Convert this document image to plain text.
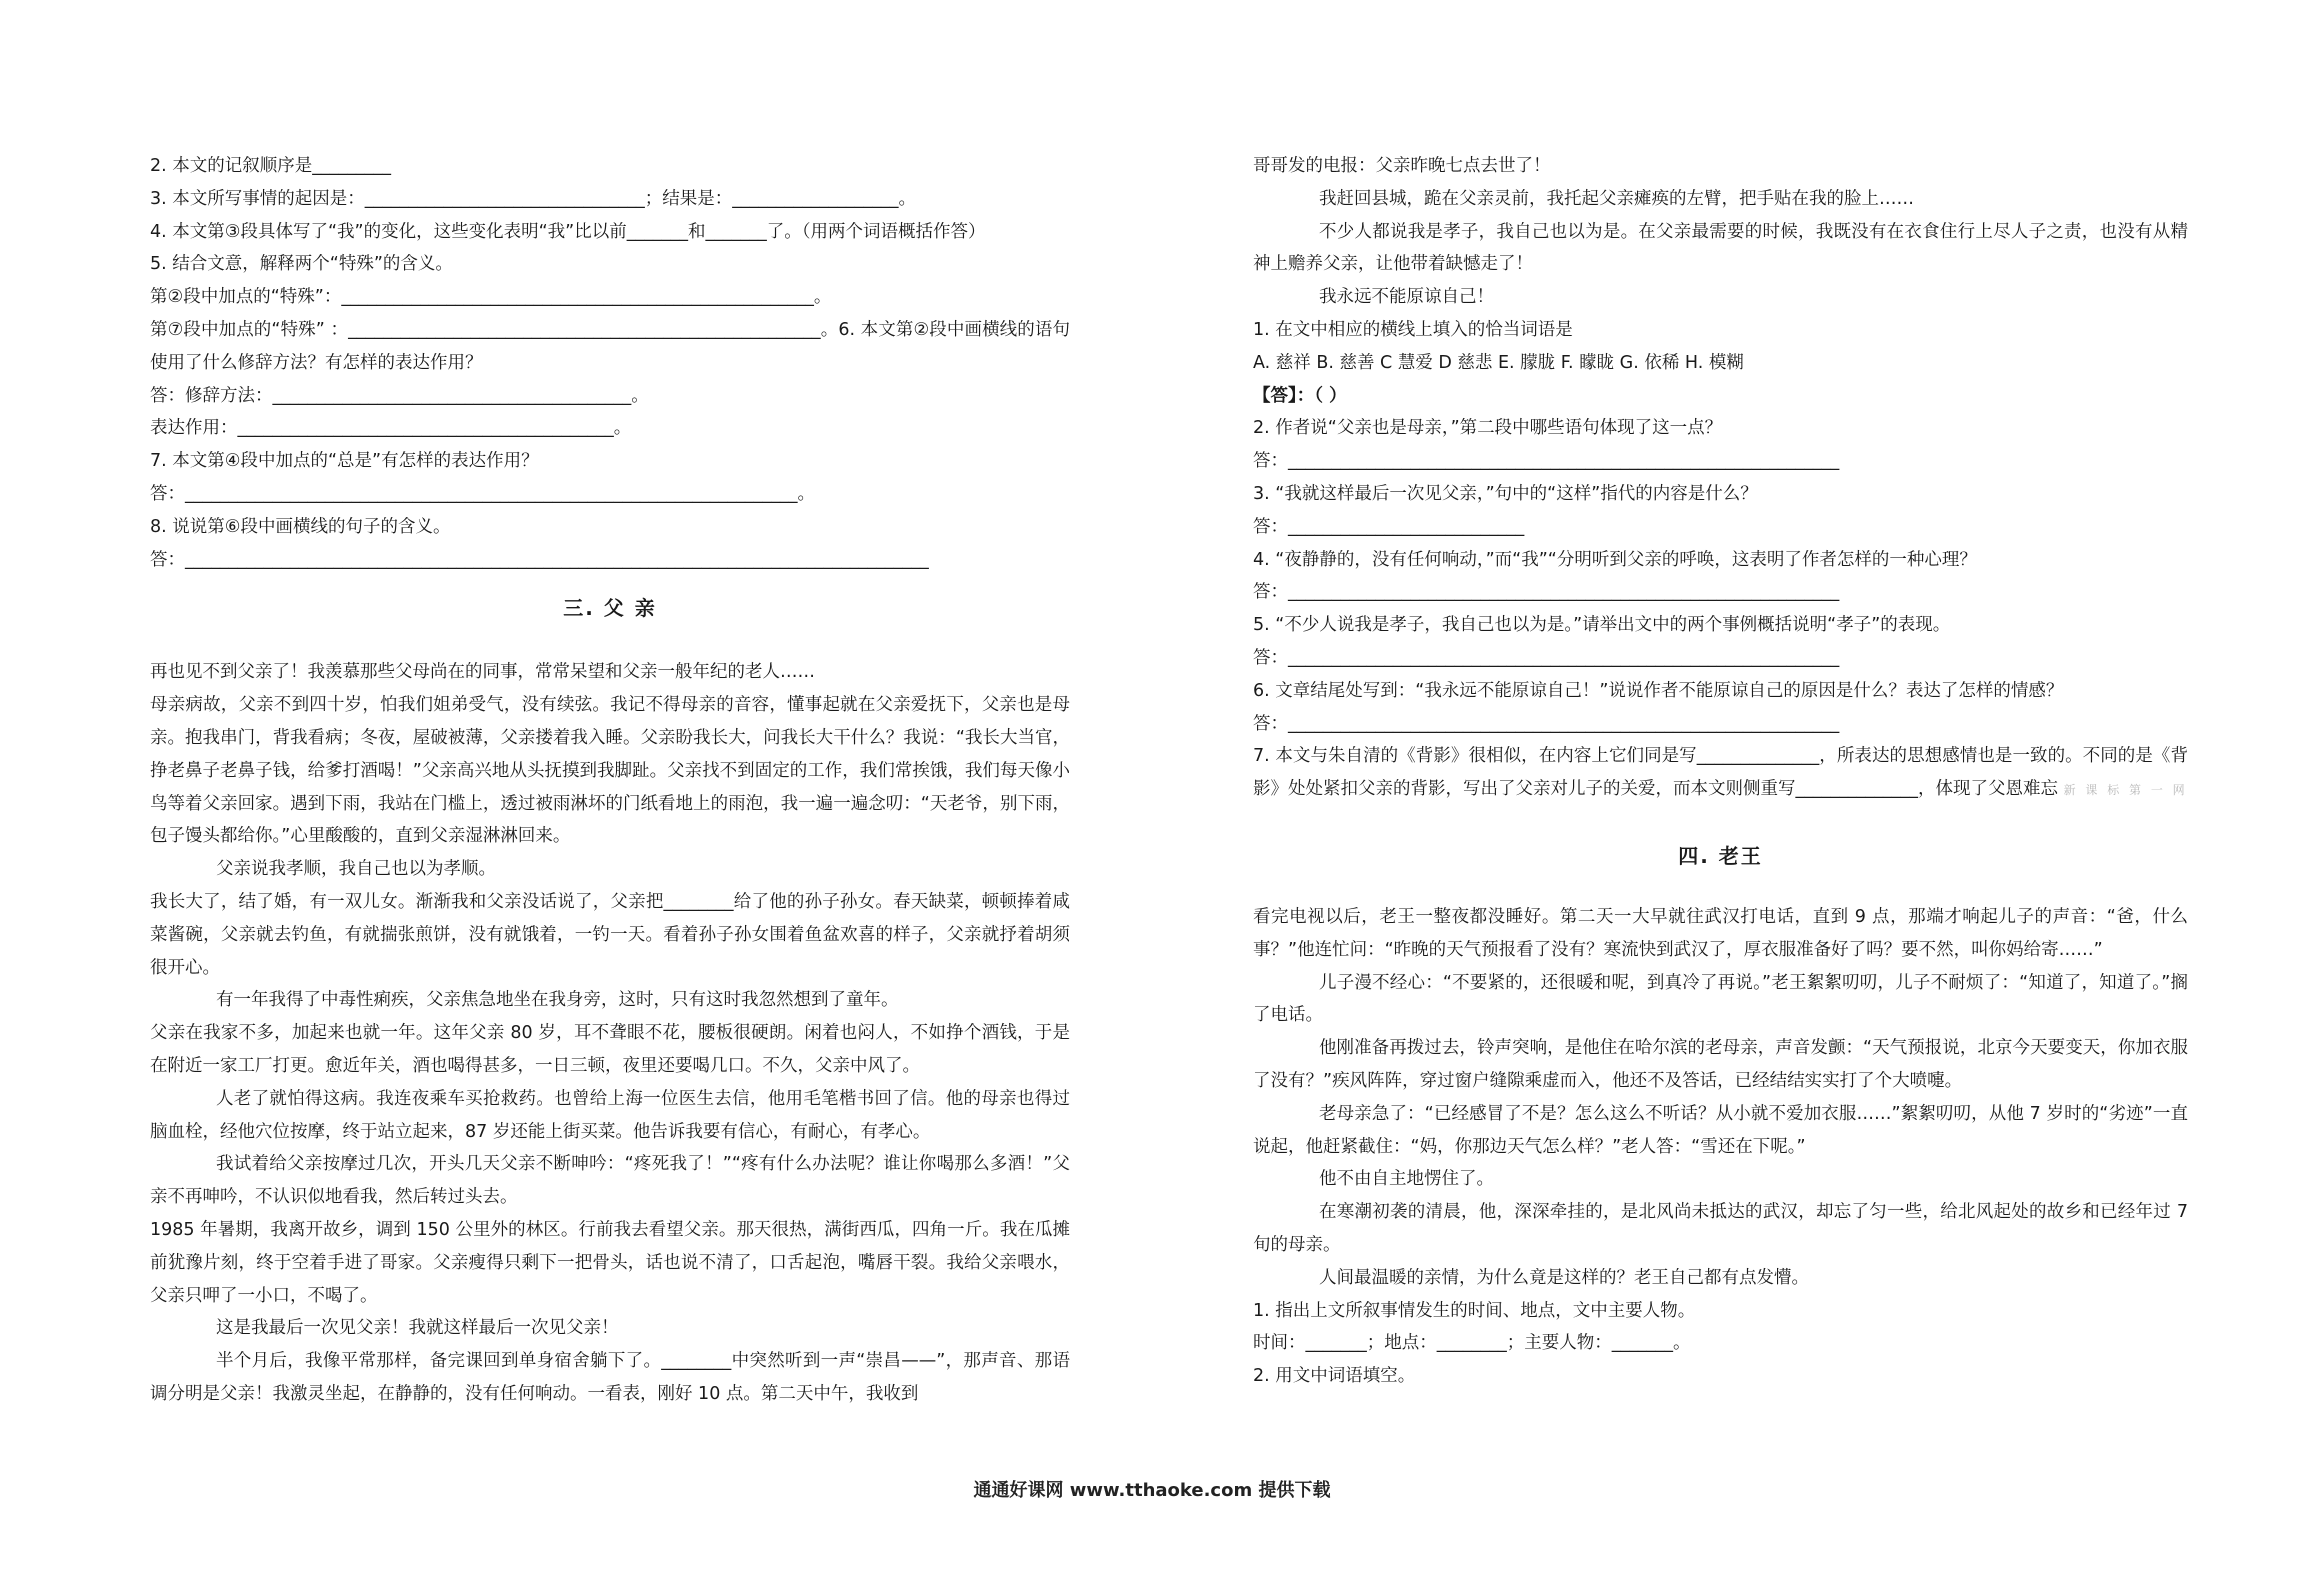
2. 本文的记叙顺序是_________
3. 本文所写事情的起因是：________________________________；结果是：___________________。
4. 本文第③段具体写了“我”的变化，这些变化表明“我”比以前_______和_______了。（用两个词语概括作答）
5. 结合文意，解释两个“特殊”的含义。
第②段中加点的“特殊”：______________________________________________________。
第⑦段中加点的“特殊” ：______________________________________________________。6. 本文第②段中画横线的语句使用了什么修辞方法？有怎样的表达作用？
答：修辞方法：_________________________________________。
表达作用：___________________________________________。
7. 本文第④段中加点的“总是”有怎样的表达作用？
答：______________________________________________________________________。
8. 说说第⑥段中画横线的句子的含义。
答：_____________________________________________________________________________________
三. 父 亲
再也见不到父亲了！我羡慕那些父母尚在的同事，常常呆望和父亲一般年纪的老人……
母亲病故，父亲不到四十岁，怕我们姐弟受气，没有续弦。我记不得母亲的音容，懂事起就在父亲爱抚下，父亲也是母亲。抱我串门，背我看病；冬夜，屋破被薄，父亲搂着我入睡。父亲盼我长大，问我长大干什么？我说：“我长大当官，挣老鼻子老鼻子钱，给爹打酒喝！”父亲高兴地从头抚摸到我脚趾。父亲找不到固定的工作，我们常挨饿，我们每天像小鸟等着父亲回家。遇到下雨，我站在门槛上，透过被雨淋坏的门纸看地上的雨泡，我一遍一遍念叨：“天老爷，别下雨，包子馒头都给你。”心里酸酸的，直到父亲湿淋淋回来。
父亲说我孝顺，我自己也以为孝顺。
我长大了，结了婚，有一双儿女。渐渐我和父亲没话说了，父亲把________给了他的孙子孙女。春天缺菜，顿顿捧着咸菜酱碗，父亲就去钓鱼，有就揣张煎饼，没有就饿着，一钓一天。看着孙子孙女围着鱼盆欢喜的样子，父亲就抒着胡须很开心。
有一年我得了中毒性痢疾，父亲焦急地坐在我身旁，这时，只有这时我忽然想到了童年。
父亲在我家不多，加起来也就一年。这年父亲 80 岁，耳不聋眼不花，腰板很硬朗。闲着也闷人，不如挣个酒钱，于是在附近一家工厂打更。愈近年关，酒也喝得甚多，一日三顿，夜里还要喝几口。不久，父亲中风了。
人老了就怕得这病。我连夜乘车买抢救药。也曾给上海一位医生去信，他用毛笔楷书回了信。他的母亲也得过脑血栓，经他穴位按摩，终于站立起来，87 岁还能上街买菜。他告诉我要有信心，有耐心，有孝心。
我试着给父亲按摩过几次，开头几天父亲不断呻吟：“疼死我了！”“疼有什么办法呢？谁让你喝那么多酒！”父亲不再呻吟，不认识似地看我，然后转过头去。
1985 年暑期，我离开故乡，调到 150 公里外的林区。行前我去看望父亲。那天很热，满街西瓜，四角一斤。我在瓜摊前犹豫片刻，终于空着手进了哥家。父亲瘦得只剩下一把骨头，话也说不清了，口舌起泡，嘴唇干裂。我给父亲喂水，父亲只呷了一小口，不喝了。
这是我最后一次见父亲！我就这样最后一次见父亲！
半个月后，我像平常那样，备完课回到单身宿舍躺下了。________中突然听到一声“崇昌——”，那声音、那语调分明是父亲！我激灵坐起，在静静的，没有任何响动。一看表，刚好 10 点。第二天中午，我收到
哥哥发的电报：父亲昨晚七点去世了！
我赶回县城，跪在父亲灵前，我托起父亲瘫痪的左臂，把手贴在我的脸上……
不少人都说我是孝子，我自己也以为是。在父亲最需要的时候，我既没有在衣食住行上尽人子之责，也没有从精神上赡养父亲，让他带着缺憾走了！
我永远不能原谅自己！
1. 在文中相应的横线上填入的恰当词语是
A. 慈祥 B. 慈善 C 慧爱 D 慈悲 E. 朦胧 F. 矇眬 G. 依稀 H. 模糊
【答】：（ ）
2. 作者说“父亲也是母亲，”第二段中哪些语句体现了这一点？
答：_______________________________________________________________
3. “我就这样最后一次见父亲，”句中的“这样”指代的内容是什么？
答：___________________________
4. “夜静静的，没有任何响动，”而“我”“分明听到父亲的呼唤，这表明了作者怎样的一种心理？
答：_______________________________________________________________
5. “不少人说我是孝子，我自己也以为是。”请举出文中的两个事例概括说明“孝子”的表现。
答：_______________________________________________________________
6. 文章结尾处写到：“我永远不能原谅自己！”说说作者不能原谅自己的原因是什么？表达了怎样的情感？
答：_______________________________________________________________
7. 本文与朱自清的《背影》很相似，在内容上它们同是写______________，所表达的思想感情也是一致的。不同的是《背影》处处紧扣父亲的背影，写出了父亲对儿子的关爱，而本文则侧重写______________，体现了父恩难忘 新 课 标 第 一 网
四. 老王
看完电视以后，老王一整夜都没睡好。第二天一大早就往武汉打电话，直到 9 点，那端才响起儿子的声音：“爸，什么事？”他连忙问：“昨晚的天气预报看了没有？寒流快到武汉了，厚衣服准备好了吗？要不然，叫你妈给寄……”
儿子漫不经心：“不要紧的，还很暖和呢，到真冷了再说。”老王絮絮叨叨，儿子不耐烦了：“知道了，知道了。”搁了电话。
他刚准备再拨过去，铃声突响，是他住在哈尔滨的老母亲，声音发颤：“天气预报说，北京今天要变天，你加衣服了没有？”疾风阵阵，穿过窗户缝隙乘虚而入，他还不及答话，已经结结实实打了个大喷嚏。
老母亲急了：“已经感冒了不是？怎么这么不听话？从小就不爱加衣服……”絮絮叨叨，从他 7 岁时的“劣迹”一直说起，他赶紧截住：“妈，你那边天气怎么样？”老人答：“雪还在下呢。”
他不由自主地愣住了。
在寒潮初袭的清晨，他，深深牵挂的，是北风尚未抵达的武汉，却忘了匀一些，给北风起处的故乡和已经年过 7 旬的母亲。
人间最温暖的亲情，为什么竟是这样的？老王自己都有点发懵。
1. 指出上文所叙事情发生的时间、地点，文中主要人物。
时间：_______；地点：________；主要人物：_______。
2. 用文中词语填空。
通通好课网 www.tthaoke.com 提供下载
